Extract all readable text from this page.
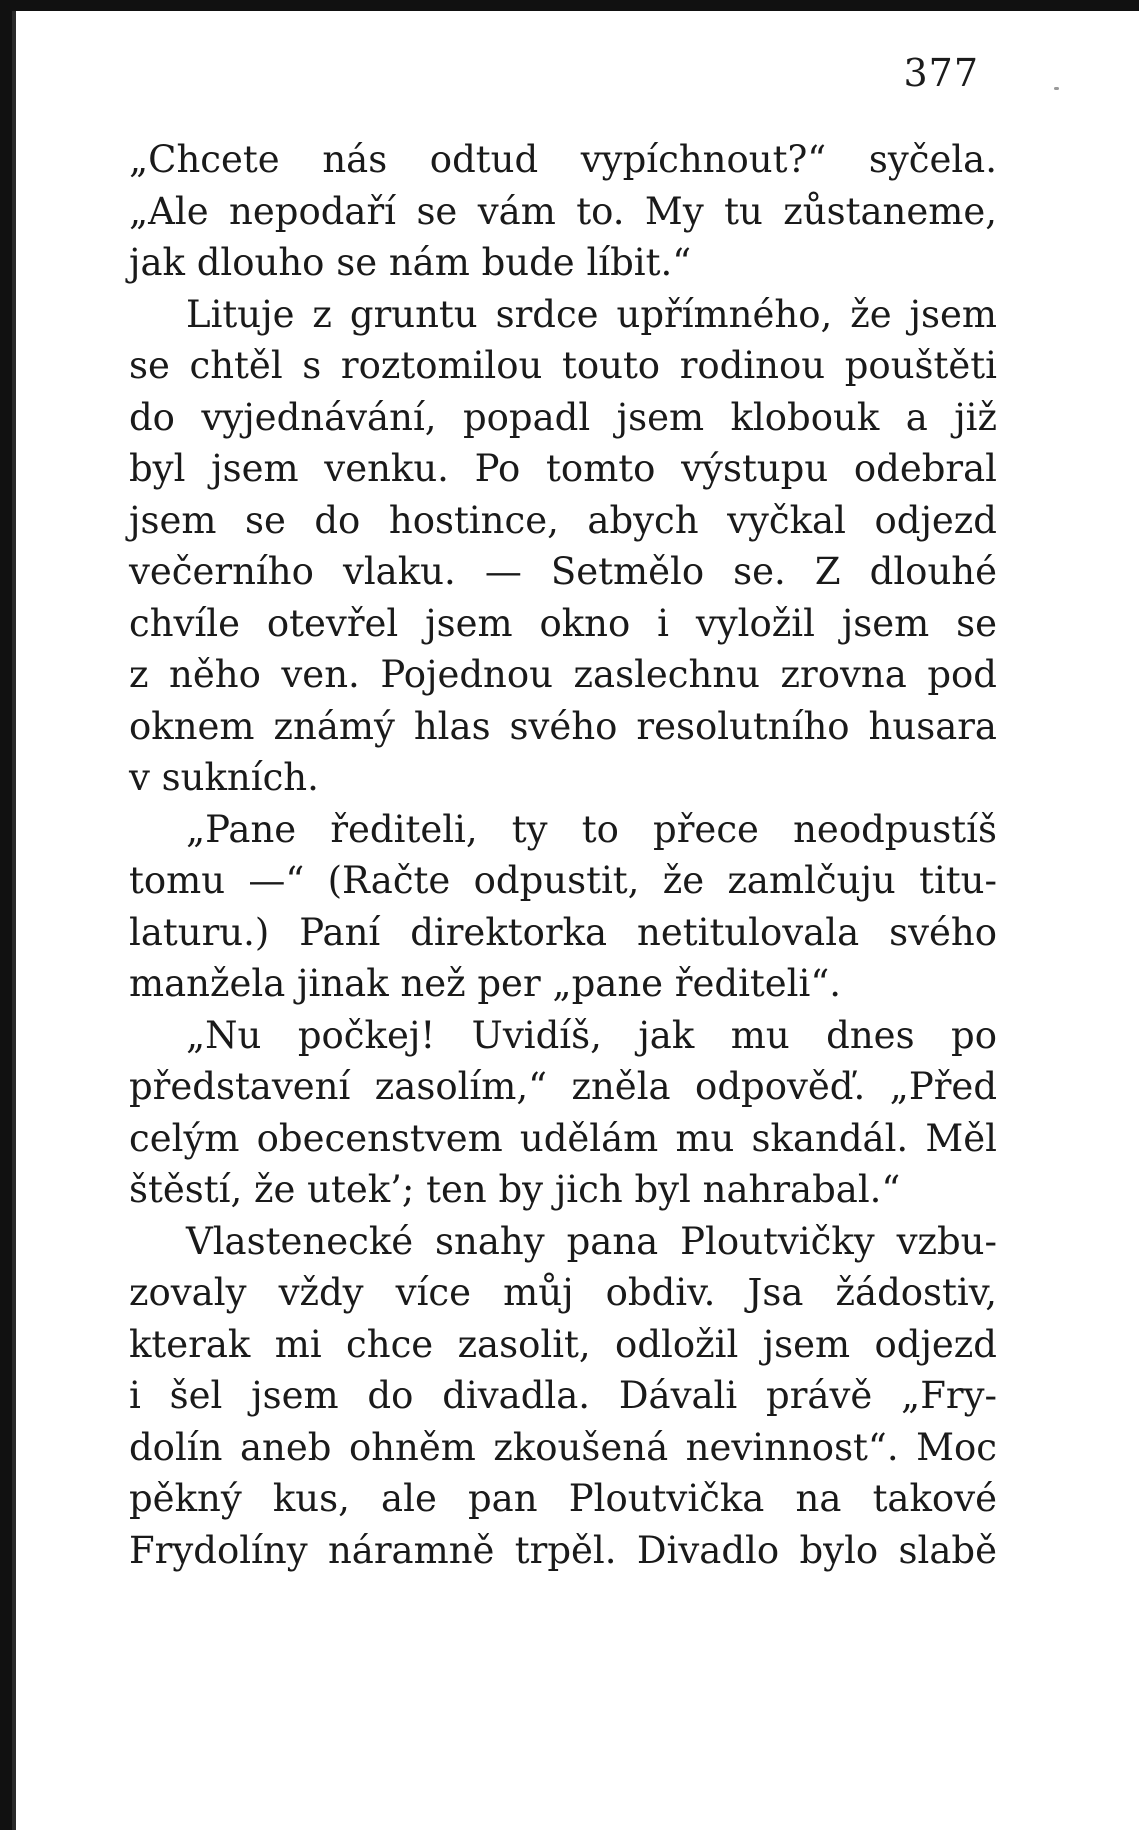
377
„Chcete nás odtud vypíchnout?“ syčela.
„Ale nepodaří se vám to. My tu zůstaneme,
jak dlouho se nám bude líbit.“
Lituje z gruntu srdce upřímného, že jsem
se chtěl s roztomilou touto rodinou pouštěti
do vyjednávání, popadl jsem klobouk a již
byl jsem venku. Po tomto výstupu odebral
jsem se do hostince, abych vyčkal odjezd
večerního vlaku. — Setmělo se. Z dlouhé
chvíle otevřel jsem okno i vyložil jsem se
z něho ven. Pojednou zaslechnu zrovna pod
oknem známý hlas svého resolutního husara
v sukních.
„Pane řediteli, ty to přece neodpustíš
tomu —“ (Račte odpustit, že zamlčuju titu-
laturu.) Paní direktorka netitulovala svého
manžela jinak než per „pane řediteli“.
„Nu počkej! Uvidíš, jak mu dnes po
představení zasolím,“ zněla odpověď. „Před
celým obecenstvem udělám mu skandál. Měl
štěstí, že utek’; ten by jich byl nahrabal.“
Vlastenecké snahy pana Ploutvičky vzbu-
zovaly vždy více můj obdiv. Jsa žádostiv,
kterak mi chce zasolit, odložil jsem odjezd
i šel jsem do divadla. Dávali právě „Fry-
dolín aneb ohněm zkoušená nevinnost“. Moc
pěkný kus, ale pan Ploutvička na takové
Frydolíny náramně trpěl. Divadlo bylo slabě
